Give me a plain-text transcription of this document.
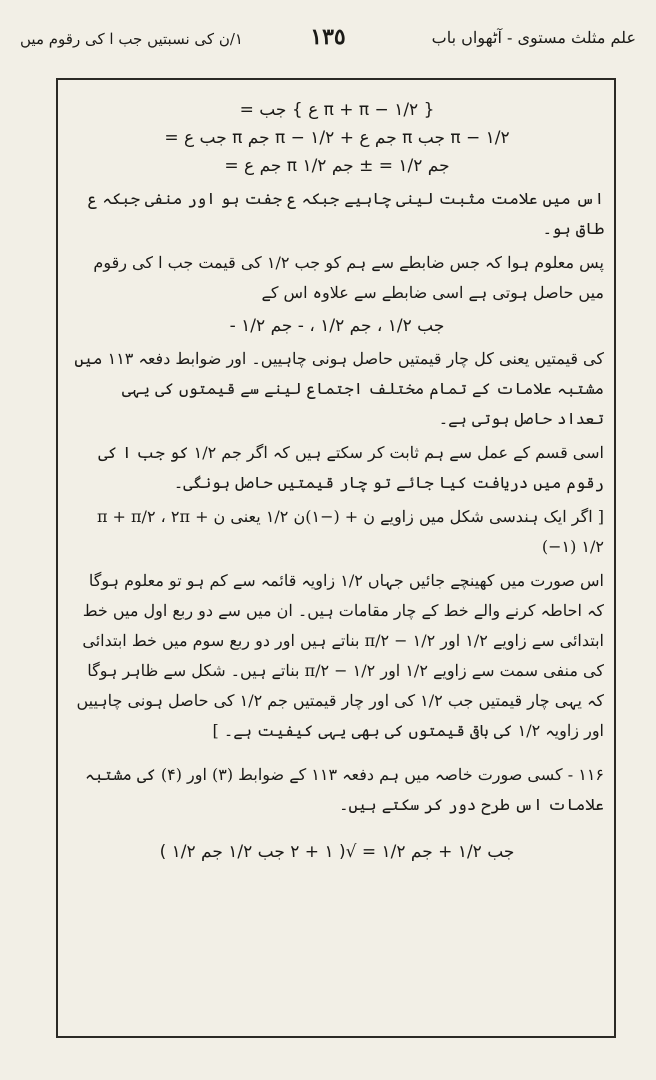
علم مثلث مستوی - آٹھواں باب
١٣٥
۱/ن کی نسبتیں جب ا کی رقوم میں
= جب { ع π + π − ۱/۲ }
= جب ع π جم π − ۱/۲ + جم ع π جب π − ۱/۲
= جم ع π جم ۱/۲ = ± جم ۱/۲

اس میں علامت مثبت لینی چاہیے جبکہ ع جفت ہو اور منفی جبکہ ع طاق ہو۔

پس معلوم ہوا کہ جس ضابطے سے ہم کو جب ۱/۲ کی قیمت جب ا کی رقوم میں حاصل ہوتی ہے اسی ضابطے سے علاوہ اس کے

- جب ۱/۲ ، جم ۱/۲ ، - جم ۱/۲

کی قیمتیں یعنی کل چار قیمتیں حاصل ہونی چاہییں۔ اور ضوابط دفعہ ۱۱۳ میں مشتبہ علامات کے تمام مختلف اجتماع لینے سے قیمتوں کی یہی تعداد حاصل ہوتی ہے۔

اسی قسم کے عمل سے ہم ثابت کر سکتے ہیں کہ اگر جم ۱/۲ کو جب ا کی رقوم میں دریافت کیا جائے تو چار قیمتیں حاصل ہونگی۔

[ اگر ایک ہندسی شکل میں زاویے ن + (−۱)ن ۱/۲ یعنی ن π + π/۲ ، ۲π + (−۱) ۱/۲

اس صورت میں کھینچے جائیں جہاں ۱/۲ زاویہ قائمہ سے کم ہو تو معلوم ہوگا کہ احاطہ کرنے والے خط کے چار مقامات ہیں۔ ان میں سے دو ربع اول میں خط ابتدائی سے زاویے ۱/۲ اور π/۲ − ۱/۲ بناتے ہیں اور دو ربع سوم میں خط ابتدائی کی منفی سمت سے زاویے ۱/۲ اور π/۲ − ۱/۲ بناتے ہیں۔ شکل سے ظاہر ہوگا کہ یہی چار قیمتیں جب ۱/۲ کی اور چار قیمتیں جم ۱/۲ کی حاصل ہونی چاہییں اور زاویہ ۱/۲ کی باقی قیمتوں کی بھی یہی کیفیت ہے۔ ]

۱۱۶ - کسی صورت خاصہ میں ہم دفعہ ۱۱۳ کے ضوابط (۳) اور (۴) کی مشتبہ علامات اس طرح دور کر سکتے ہیں۔

جب ۱/۲ + جم ۱/۲ = √( ۱ + ۲ جب ۱/۲ جم ۱/۲ )
